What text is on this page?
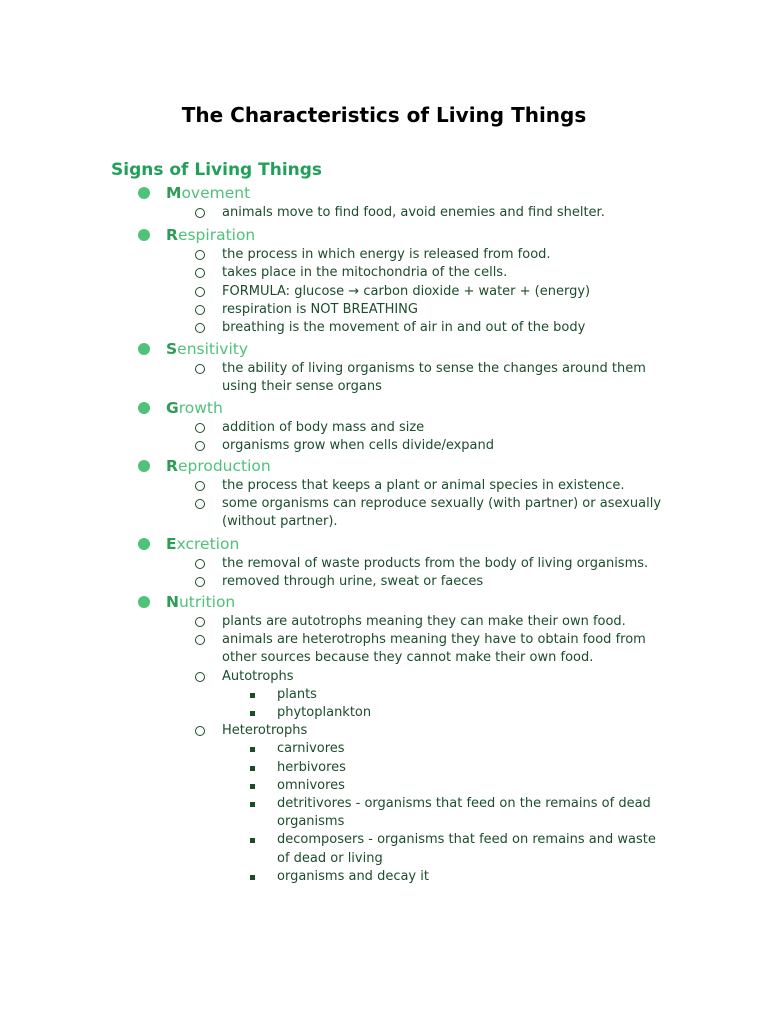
The Characteristics of Living Things
Signs of Living Things
Movement
animals move to find food, avoid enemies and find shelter.
Respiration
the process in which energy is released from food.
takes place in the mitochondria of the cells.
FORMULA: glucose → carbon dioxide + water + (energy)
respiration is NOT BREATHING
breathing is the movement of air in and out of the body
Sensitivity
the ability of living organisms to sense the changes around them using their sense organs
Growth
addition of body mass and size
organisms grow when cells divide/expand
Reproduction
the process that keeps a plant or animal species in existence.
some organisms can reproduce sexually (with partner) or asexually (without partner).
Excretion
the removal of waste products from the body of living organisms.
removed through urine, sweat or faeces
Nutrition
plants are autotrophs meaning they can make their own food.
animals are heterotrophs meaning they have to obtain food from other sources because they cannot make their own food.
Autotrophs
plants
phytoplankton
Heterotrophs
carnivores
herbivores
omnivores
detritivores - organisms that feed on the remains of dead organisms
decomposers - organisms that feed on remains and waste of dead or living
organisms and decay it
